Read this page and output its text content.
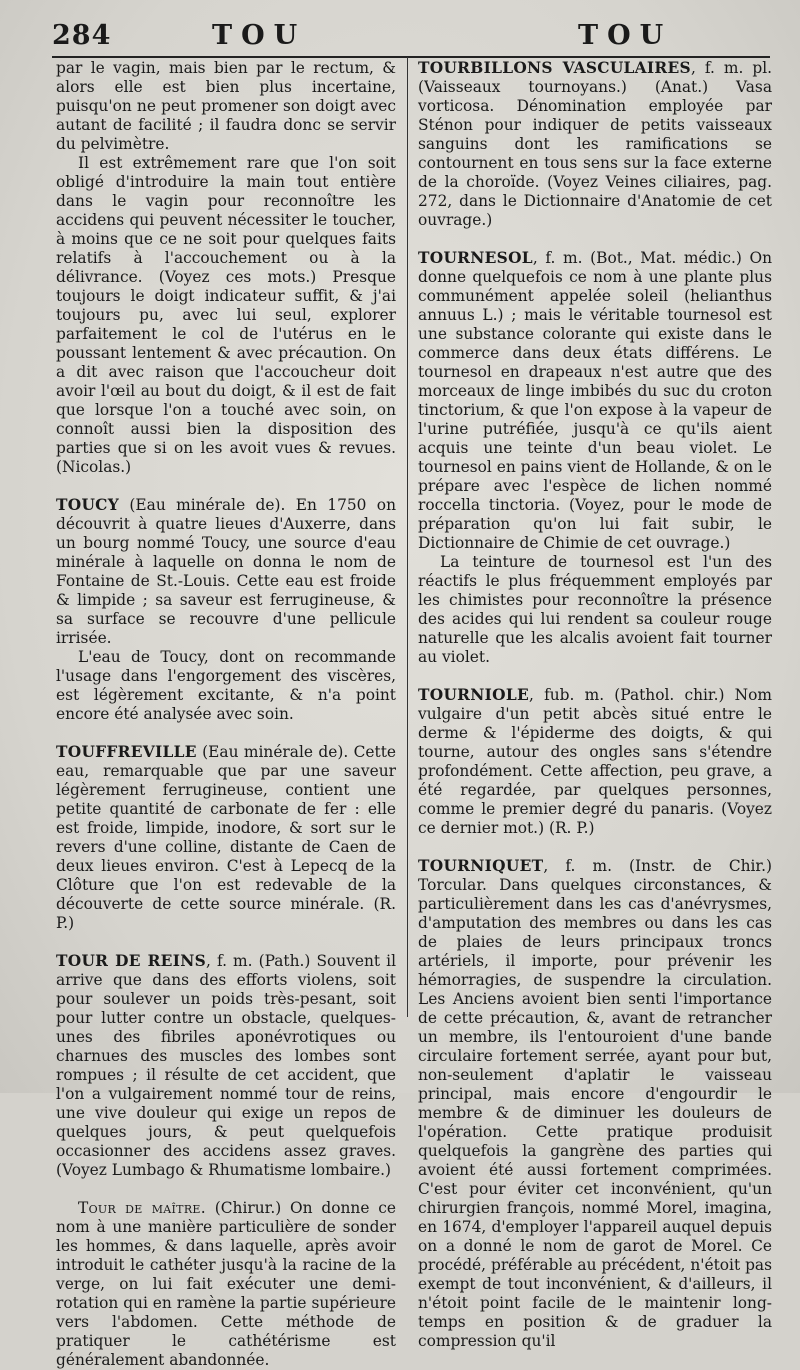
284	TOU	TOU

par le vagin, mais bien par le rectum, & alors elle est bien plus incertaine, puisqu'on ne peut promener son doigt avec autant de facilité ; il faudra donc se servir du pelvimètre.

Il est extrêmement rare que l'on soit obligé d'introduire la main tout entière dans le vagin pour reconnoître les accidens qui peuvent nécessiter le toucher, à moins que ce ne soit pour quelques faits relatifs à l'accouchement ou à la délivrance. (Voyez ces mots.) Presque toujours le doigt indicateur suffit, & j'ai toujours pu, avec lui seul, explorer parfaitement le col de l'utérus en le poussant lentement & avec précaution. On a dit avec raison que l'accoucheur doit avoir l'œil au bout du doigt, & il est de fait que lorsque l'on a touché avec soin, on connoît aussi bien la disposition des parties que si on les avoit vues & revues. (Nicolas.)

TOUCY (Eau minérale de). En 1750 on découvrit à quatre lieues d'Auxerre, dans un bourg nommé Toucy, une source d'eau minérale à laquelle on donna le nom de Fontaine de St.-Louis. Cette eau est froide & limpide ; sa saveur est ferrugineuse, & sa surface se recouvre d'une pellicule irrisée.

L'eau de Toucy, dont on recommande l'usage dans l'engorgement des viscères, est légèrement excitante, & n'a point encore été analysée avec soin.

TOUFFREVILLE (Eau minérale de). Cette eau, remarquable que par une saveur légèrement ferrugineuse, contient une petite quantité de carbonate de fer : elle est froide, limpide, inodore, & sort sur le revers d'une colline, distante de Caen de deux lieues environ. C'est à Lepecq de la Clôture que l'on est redevable de la découverte de cette source minérale. (R. P.)

TOUR DE REINS, f. m. (Path.) Souvent il arrive que dans des efforts violens, soit pour soulever un poids très-pesant, soit pour lutter contre un obstacle, quelques-unes des fibriles aponévrotiques ou charnues des muscles des lombes sont rompues ; il résulte de cet accident, que l'on a vulgairement nommé tour de reins, une vive douleur qui exige un repos de quelques jours, & peut quelquefois occasionner des accidens assez graves. (Voyez Lumbago & Rhumatisme lombaire.)

Tour de maître. (Chirur.) On donne ce nom à une manière particulière de sonder les hommes, & dans laquelle, après avoir introduit le cathéter jusqu'à la racine de la verge, on lui fait exécuter une demi-rotation qui en ramène la partie supérieure vers l'abdomen. Cette méthode de pratiquer le cathétérisme est généralement abandonnée.

TOURBILLONS VASCULAIRES, f. m. pl. (Vaisseaux tournoyans.) (Anat.) Vasa vorticosa. Dénomination employée par Sténon pour indiquer de petits vaisseaux sanguins dont les ramifications se contournent en tous sens sur la face externe de la choroïde. (Voyez Veines ciliaires, pag. 272, dans le Dictionnaire d'Anatomie de cet ouvrage.)

TOURNESOL, f. m. (Bot., Mat. médic.) On donne quelquefois ce nom à une plante plus communément appelée soleil (helianthus annuus L.) ; mais le véritable tournesol est une substance colorante qui existe dans le commerce dans deux états différens. Le tournesol en drapeaux n'est autre que des morceaux de linge imbibés du suc du croton tinctorium, & que l'on expose à la vapeur de l'urine putréfiée, jusqu'à ce qu'ils aient acquis une teinte d'un beau violet. Le tournesol en pains vient de Hollande, & on le prépare avec l'espèce de lichen nommé roccella tinctoria. (Voyez, pour le mode de préparation qu'on lui fait subir, le Dictionnaire de Chimie de cet ouvrage.)

La teinture de tournesol est l'un des réactifs le plus fréquemment employés par les chimistes pour reconnoître la présence des acides qui lui rendent sa couleur rouge naturelle que les alcalis avoient fait tourner au violet.

TOURNIOLE, fub. m. (Pathol. chir.) Nom vulgaire d'un petit abcès situé entre le derme & l'épiderme des doigts, & qui tourne, autour des ongles sans s'étendre profondément. Cette affection, peu grave, a été regardée, par quelques personnes, comme le premier degré du panaris. (Voyez ce dernier mot.) (R. P.)

TOURNIQUET, f. m. (Instr. de Chir.) Torcular. Dans quelques circonstances, & particulièrement dans les cas d'anévrysmes, d'amputation des membres ou dans les cas de plaies de leurs principaux troncs artériels, il importe, pour prévenir les hémorragies, de suspendre la circulation. Les Anciens avoient bien senti l'importance de cette précaution, &, avant de retrancher un membre, ils l'entouroient d'une bande circulaire fortement serrée, ayant pour but, non-seulement d'aplatir le vaisseau principal, mais encore d'engourdir le membre & de diminuer les douleurs de l'opération. Cette pratique produisit quelquefois la gangrène des parties qui avoient été aussi fortement comprimées. C'est pour éviter cet inconvénient, qu'un chirurgien françois, nommé Morel, imagina, en 1674, d'employer l'appareil auquel depuis on a donné le nom de garot de Morel. Ce procédé, préférable au précédent, n'étoit pas exempt de tout inconvénient, & d'ailleurs, il n'étoit point facile de le maintenir long-temps en position & de graduer la compression qu'il
